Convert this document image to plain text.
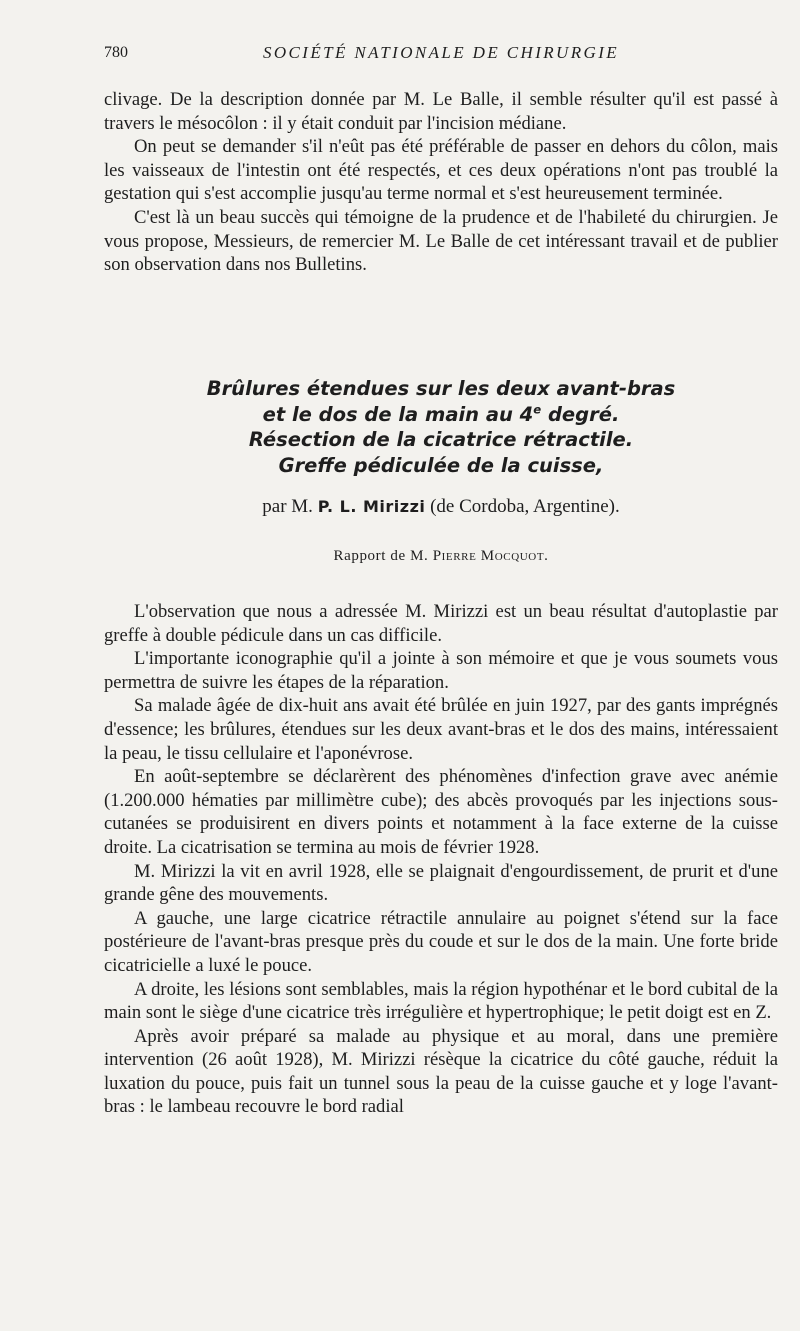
780	SOCIÉTÉ NATIONALE DE CHIRURGIE

clivage. De la description donnée par M. Le Balle, il semble résulter qu'il est passé à travers le mésocôlon : il y était conduit par l'incision médiane.

On peut se demander s'il n'eût pas été préférable de passer en dehors du côlon, mais les vaisseaux de l'intestin ont été respectés, et ces deux opérations n'ont pas troublé la gestation qui s'est accomplie jusqu'au terme normal et s'est heureusement terminée.

C'est là un beau succès qui témoigne de la prudence et de l'habileté du chirurgien. Je vous propose, Messieurs, de remercier M. Le Balle de cet intéressant travail et de publier son observation dans nos Bulletins.

Brûlures étendues sur les deux avant-bras
et le dos de la main au 4e degré.
Résection de la cicatrice rétractile.
Greffe pédiculée de la cuisse,
par M. P. L. Mirizzi (de Cordoba, Argentine).
Rapport de M. Pierre Mocquot.

L'observation que nous a adressée M. Mirizzi est un beau résultat d'autoplastie par greffe à double pédicule dans un cas difficile.

L'importante iconographie qu'il a jointe à son mémoire et que je vous soumets vous permettra de suivre les étapes de la réparation.

Sa malade âgée de dix-huit ans avait été brûlée en juin 1927, par des gants imprégnés d'essence; les brûlures, étendues sur les deux avant-bras et le dos des mains, intéressaient la peau, le tissu cellulaire et l'aponévrose.

En août-septembre se déclarèrent des phénomènes d'infection grave avec anémie (1.200.000 hématies par millimètre cube); des abcès provoqués par les injections sous-cutanées se produisirent en divers points et notamment à la face externe de la cuisse droite. La cicatrisation se termina au mois de février 1928.

M. Mirizzi la vit en avril 1928, elle se plaignait d'engourdissement, de prurit et d'une grande gêne des mouvements.

A gauche, une large cicatrice rétractile annulaire au poignet s'étend sur la face postérieure de l'avant-bras presque près du coude et sur le dos de la main. Une forte bride cicatricielle a luxé le pouce.

A droite, les lésions sont semblables, mais la région hypothénar et le bord cubital de la main sont le siège d'une cicatrice très irrégulière et hypertrophique; le petit doigt est en Z.

Après avoir préparé sa malade au physique et au moral, dans une première intervention (26 août 1928), M. Mirizzi résèque la cicatrice du côté gauche, réduit la luxation du pouce, puis fait un tunnel sous la peau de la cuisse gauche et y loge l'avant-bras : le lambeau recouvre le bord radial
